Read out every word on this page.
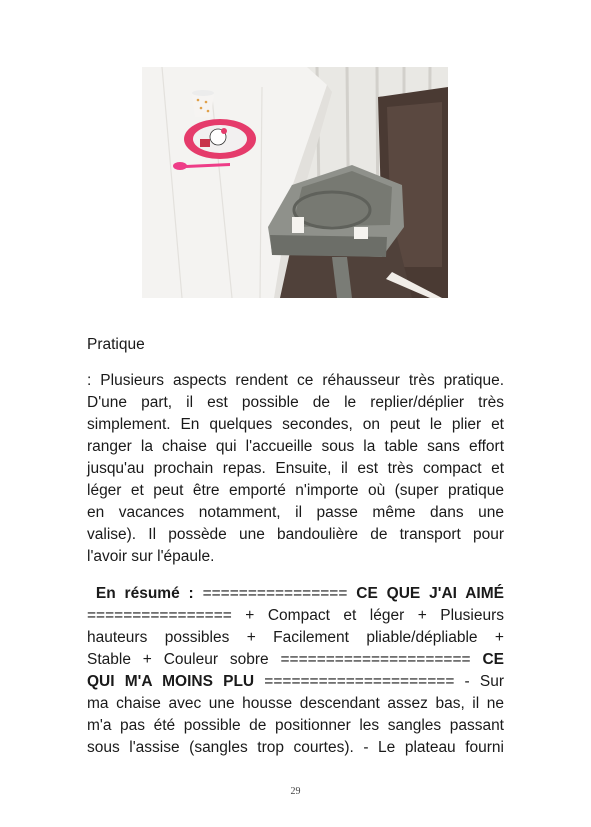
Pratique

: Plusieurs aspects rendent ce réhausseur très pratique.
D'une part, il est possible de le replier/déplier très
simplement. En quelques secondes, on peut le plier et
ranger la chaise qui l'accueille sous la table sans effort
jusqu'au prochain repas. Ensuite, il est très compact et
léger et peut être emporté n'importe où (super pratique
en vacances notamment, il passe même dans une
valise). Il possède une bandoulière de transport pour
l'avoir sur l'épaule.

En résumé : ================ CE QUE J'AI AIMÉ
================ + Compact et léger + Plusieurs
hauteurs possibles + Facilement pliable/dépliable +
Stable + Couleur sobre ===================== CE
QUI M'A MOINS PLU ===================== - Sur
ma chaise avec une housse descendant assez bas, il ne
m'a pas été possible de positionner les sangles passant
sous l'assise (sangles trop courtes). - Le plateau fourni

29
